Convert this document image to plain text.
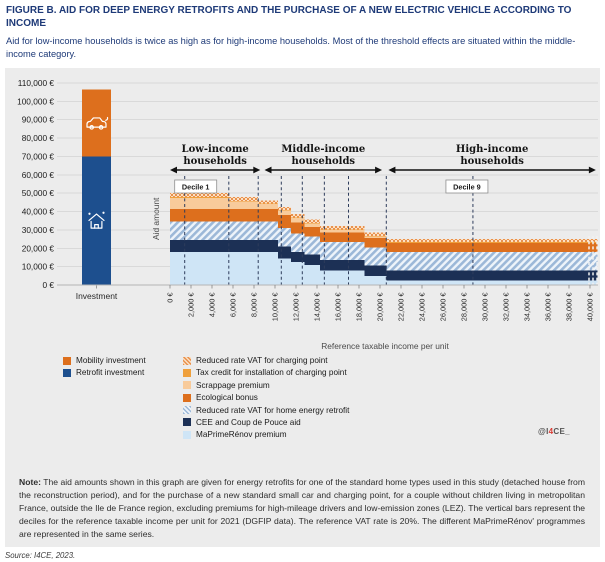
FIGURE B. AID FOR DEEP ENERGY RETROFITS AND THE PURCHASE OF A NEW ELECTRIC VEHICLE ACCORDING TO INCOME
Aid for low-income households is twice as high as for high-income households. Most of the threshold effects are situated within the middle-income category.
0 €
10,000 €
20,000 €
30,000 €
40,000 €
50,000 €
60,000 €
70,000 €
80,000 €
90,000 €
100,000 €
110,000 €
Decile 1	Decile 9
Low-income
households
Middle-income
households
High-income
households
Investment	0 € 2,000 € 4,000 € 6,000 € 8,000 € 10,000 € 12,000 € 14,000 € 16,000 € 18,000 € 20,000 € 22,000 € 24,000 € 26,000 € 28,000 € 30,000 € 32,000 € 34,000 € 36,000 € 38,000 € 40,000 €
Aid amount
Reference taxable income per unit
Mobility investment
Retrofit investment
Reduced rate VAT for charging point
Tax credit for installation of charging point
Scrappage premium
Ecological bonus
Reduced rate VAT for home energy retrofit
CEE and Coup de Pouce aid
MaPrimeRénov premium	@I4CE_
Note: The aid amounts shown in this graph are given for energy retrofits for one of the standard home types used in this study (detached house from the reconstruction period), and for the purchase of a new standard small car and charging point, for a couple without children living in metropolitan France, outside the Ile de France region, excluding premiums for high-mileage drivers and low-emission zones (LEZ). The vertical bars represent the deciles for the reference taxable income per unit for 2021 (DGFIP data). The reference VAT rate is 20%. The different MaPrimeRénov' programmes are represented in the same series.
Source: I4CE, 2023.
